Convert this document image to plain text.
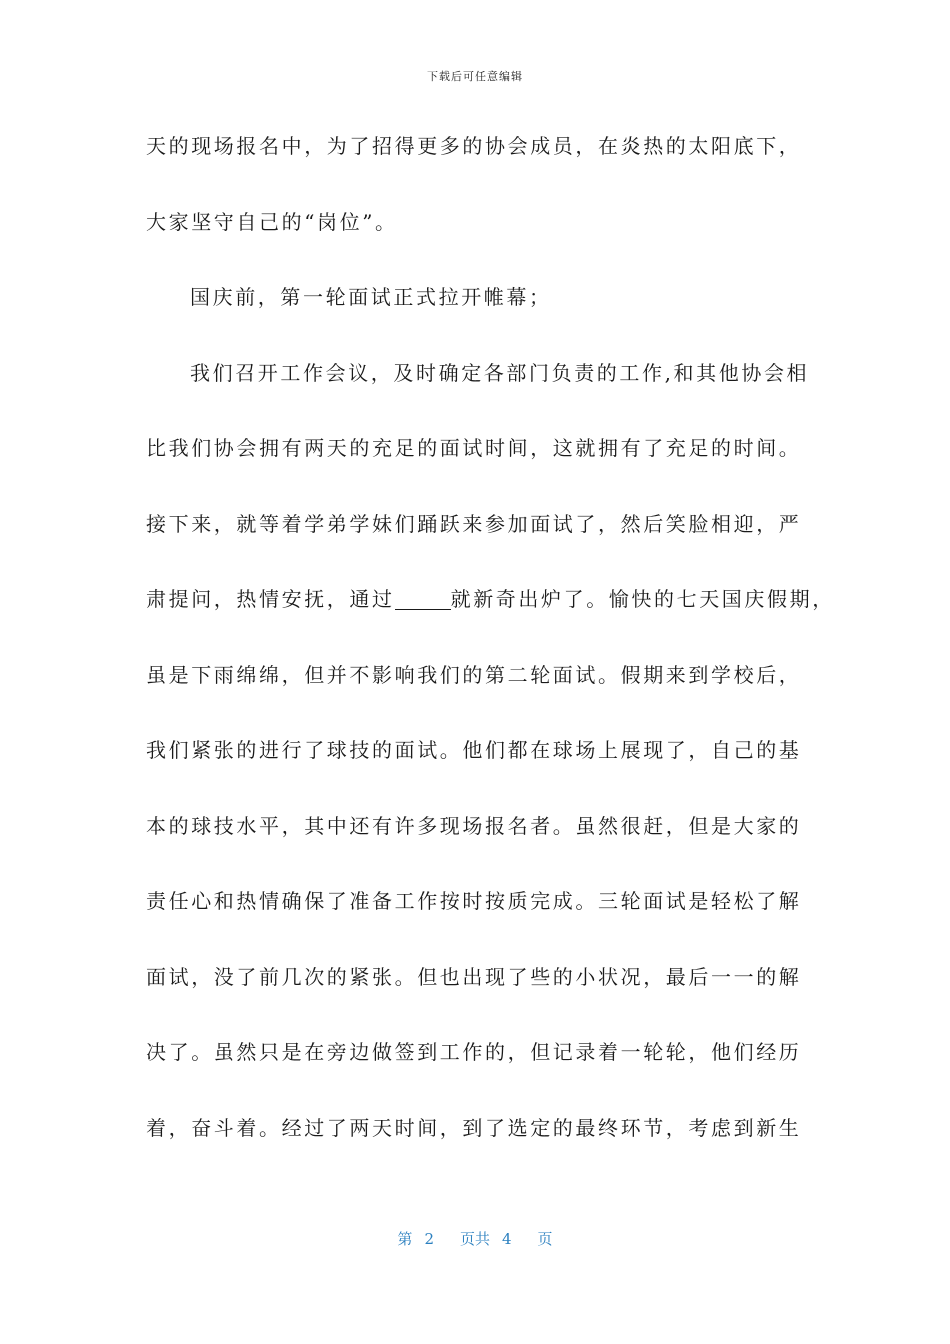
下载后可任意编辑
天的现场报名中，为了招得更多的协会成员，在炎热的太阳底下，
大家坚守自己的“岗位”。
国庆前，第一轮面试正式拉开帷幕；
我们召开工作会议，及时确定各部门负责的工作,和其他协会相
比我们协会拥有两天的充足的面试时间，这就拥有了充足的时间。
接下来，就等着学弟学妹们踊跃来参加面试了，然后笑脸相迎，严
肃提问，热情安抚，通过	就新奇出炉了。愉快的七天国庆假期，
虽是下雨绵绵，但并不影响我们的第二轮面试。假期来到学校后，
我们紧张的进行了球技的面试。他们都在球场上展现了，自己的基
本的球技水平，其中还有许多现场报名者。虽然很赶，但是大家的
责任心和热情确保了准备工作按时按质完成。三轮面试是轻松了解
面试，没了前几次的紧张。但也出现了些的小状况，最后一一的解
决了。虽然只是在旁边做签到工作的，但记录着一轮轮，他们经历
着，奋斗着。经过了两天时间，到了选定的最终环节，考虑到新生
第 2 页共 4 页
